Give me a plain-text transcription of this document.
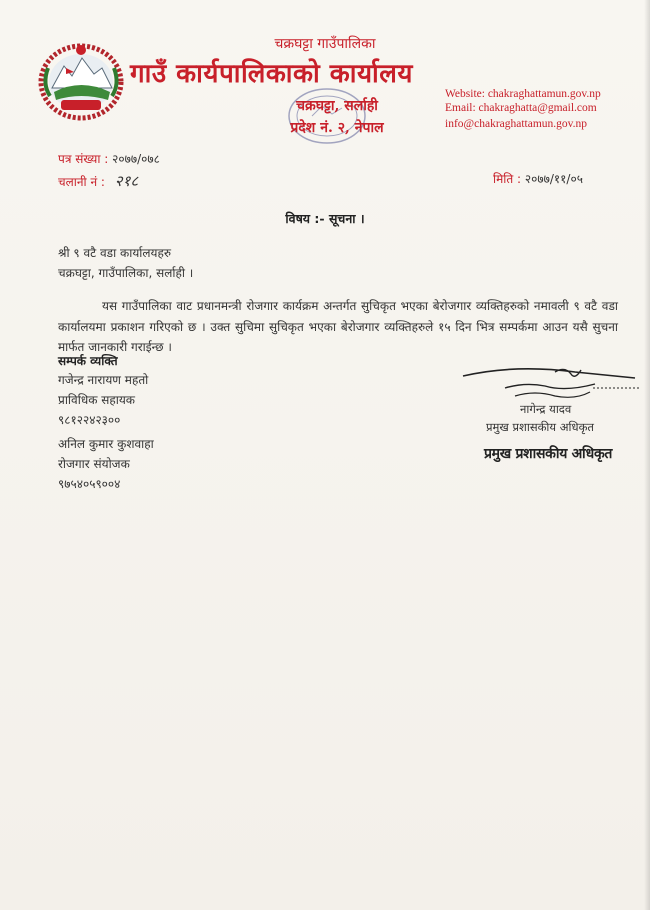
चक्रघट्टा गाउँपालिका
गाउँ कार्यपालिकाको कार्यालय
चक्रघट्टा, सर्लाही
प्रदेश नं. २, नेपाल
Website: chakraghattamun.gov.np
Email: chakraghatta@gmail.com
info@chakraghattamun.gov.np
पत्र संख्या : २०७७/०७८
चलानी नं : २१८	मिति : २०७७/११/०५
विषय :- सूचना ।
श्री ९ वटै वडा कार्यालयहरु
चक्रघट्टा, गाउँपालिका, सर्लाही ।
यस गाउँपालिका वाट प्रधानमन्त्री रोजगार कार्यक्रम अन्तर्गत सुचिकृत भएका बेरोजगार व्यक्तिहरुको नमावली ९ वटै वडा कार्यालयमा प्रकाशन गरिएको छ । उक्त सुचिमा सुचिकृत भएका बेरोजगार व्यक्तिहरुले १५ दिन भित्र सम्पर्कमा आउन यसै सुचना मार्फत जानकारी गराईन्छ ।
सम्पर्क व्यक्ति
गजेन्द्र नारायण महतो
प्राविधिक सहायक
९८१२२४२३००
अनिल कुमार कुशवाहा
रोजगार संयोजक
९७५४०५९००४
नागेन्द्र यादव
प्रमुख प्रशासकीय अधिकृत
प्रमुख प्रशासकीय अधिकृत
